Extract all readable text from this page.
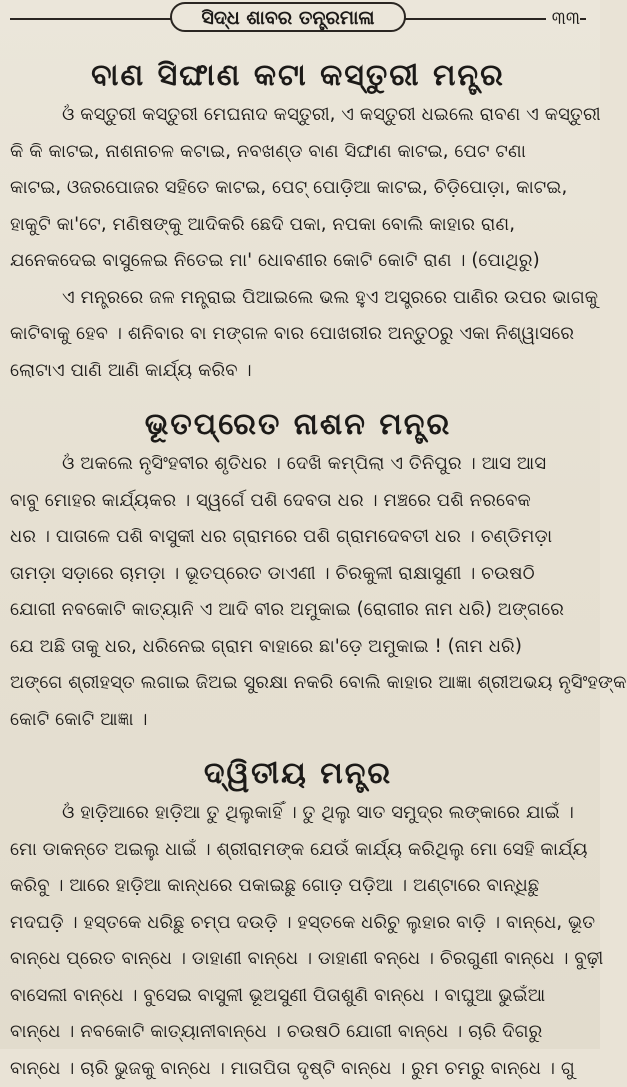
ସିଦ୍ଧ ଶାବର ତନ୍ତ୍ରମାଳା	୩୩
ବାଣ ସିଙ୍ଘାଣ କଟା କସ୍ତୁରୀ ମନ୍ତ୍ର

ଓଁ କସ୍ତୁରୀ କସ୍ତୁରୀ ମେଘନାଦ କସ୍ତୁରୀ, ଏ କସ୍ତୁରୀ ଧଇଲେ ରାବଣ ଏ କସ୍ତୁରୀ

କି କି କାଟଇ, ନାଶନାଚଳ କଟାଇ, ନବଖଣ୍ଡ ବାଣ ସିଙ୍ଘାଣ କାଟଇ, ପେଟ ଟଣା

କାଟଇ, ଓଜରପୋଜର ସହିତେ କାଟଇ, ପେଟ୍ ପୋଡ଼ିଆ କାଟଇ, ଚିଡ଼ିପୋଡ଼ା, କାଟଇ,

ହାକୁଟି କା'ଟେ, ମଣିଷଙ୍କୁ ଆଦିକରି ଛେଦି ପକା, ନପକା ବୋଲି କାହାର ରାଣ,

ଯନେକଦେଇ ବାସୁଳେଇ ନିତେଇ ମା' ଧୋବଣୀର କୋଟି କୋଟି ରାଣ । (ପୋଥିରୁ)

ଏ ମନ୍ତ୍ରରେ ଜଳ ମନ୍ତ୍ରାଇ ପିଆଇଲେ ଭଲ ହୁଏ ଅସ୍ତ୍ରରେ ପାଣିର ଉପର ଭାଗକୁ

କାଟିବାକୁ ହେବ । ଶନିବାର ବା ମଙ୍ଗଳ ବାର ପୋଖରୀର ଅନ୍ତୁଠରୁ ଏକା ନିଶ୍ୱାସରେ

ଲୋଟାଏ ପାଣି ଆଣି କାର୍ଯ୍ୟ କରିବ ।

ଭୂତପ୍ରେତ ନାଶନ ମନ୍ତ୍ର

ଓଁ ଅକଲେ ନୃସିଂହବୀର ଶୃତିଧର । ଦେଖି କମ୍ପିଲା ଏ ତିନିପୁର । ଆସ ଆସ

ବାବୁ ମୋହର କାର୍ଯ୍ୟକର । ସ୍ୱର୍ଗେ ପଶି ଦେବତା ଧର । ମଞ୍ଚରେ ପଶି ନରବେକ

ଧର । ପାତାଳେ ପଶି ବାସୁକୀ ଧର ଗ୍ରାମରେ ପଶି ଗ୍ରାମଦେବତୀ ଧର । ଚଣ୍ଡିମଡ଼ା

ତାମଡ଼ା ସଡ଼ାରେ ଚାମଡ଼ା । ଭୂତପ୍ରେତ ଡାଏଣୀ । ଚିରକୁଳୀ ରାକ୍ଷାସୁଣୀ । ଚଉଷଠି

ଯୋଗୀ ନବକୋଟି କାତ୍ୟାନି ଏ ଆଦି ବୀର ଅମୁକାଇ (ରୋଗୀର ନାମ ଧରି) ଅଙ୍ଗରେ

ଯେ ଅଛି ତାକୁ ଧର, ଧରିନେଇ ଗ୍ରାମ ବାହାରେ ଛା'ଡ଼େ ଅମୁକାଇ ! (ନାମ ଧରି)

ଅଙ୍ଗେ ଶ୍ରୀହସ୍ତ ଲଗାଇ ଜିଅଇ ସୁରକ୍ଷା ନକରି ବୋଲି କାହାର ଆଜ୍ଞା ଶ୍ରୀଅଭୟ ନୃସିଂହଙ୍କ

କୋଟି କୋଟି ଆଜ୍ଞା ।

ଦ୍ୱିତୀୟ ମନ୍ତ୍ର

ଓଁ ହାଡ଼ିଆରେ ହାଡ଼ିଆ ତୁ ଥିଲୁକାହିଁ । ତୁ ଥିଲୁ ସାତ ସମୁଦ୍ର ଲଙ୍କାରେ ଯାଇଁ ।

ମୋ ଡାକନ୍ତେ ଅଇଲୁ ଧାଇଁ । ଶ୍ରୀରାମଙ୍କ ଯେଉଁ କାର୍ଯ୍ୟ କରିଥିଲୁ ମୋ ସେହି କାର୍ଯ୍ୟ

କରିବୁ । ଆରେ ହାଡ଼ିଆ କାନ୍ଧରେ ପକାଇଛୁ ଗୋଡ଼ ପଡ଼ିଆ । ଅଣ୍ଟାରେ ବାନ୍ଧିଛୁ

ମଦଘଡ଼ି । ହସ୍ତକେ ଧରିଛୁ ଚମ୍ପ ଦଉଡ଼ି । ହସ୍ତକେ ଧରିଚୁ ଲୁହାର ବାଡ଼ି । ବାନ୍ଧେ, ଭୂତ

ବାନ୍ଧେ ପ୍ରେତ ବାନ୍ଧେ । ଡାହାଣୀ ବାନ୍ଧେ । ଡାହାଣୀ ବନ୍ଧେ । ଚିରଗୁଣୀ ବାନ୍ଧେ । ବୁଢ଼ୀ

ବାସେଲୀ ବାନ୍ଧେ । ବୁସେଇ ବାସୁଳୀ ଭୂଅସୁଣୀ ପିତାଶୁଣି ବାନ୍ଧେ । ବାଘୁଆ ଭୁଇଁଆ

ବାନ୍ଧେ । ନବକୋଟି କାତ୍ୟାନୀବାନ୍ଧେ । ଚଉଷଠି ଯୋଗୀ ବାନ୍ଧେ । ଚାରି ଦିଗରୁ

ବାନ୍ଧେ । ଚାରି ଭୁଜକୁ ବାନ୍ଧେ । ମାତାପିତା ଦୃଷ୍ଟି ବାନ୍ଧେ । ରୁମ ଚମରୁ ବାନ୍ଧେ । ଗୁ
